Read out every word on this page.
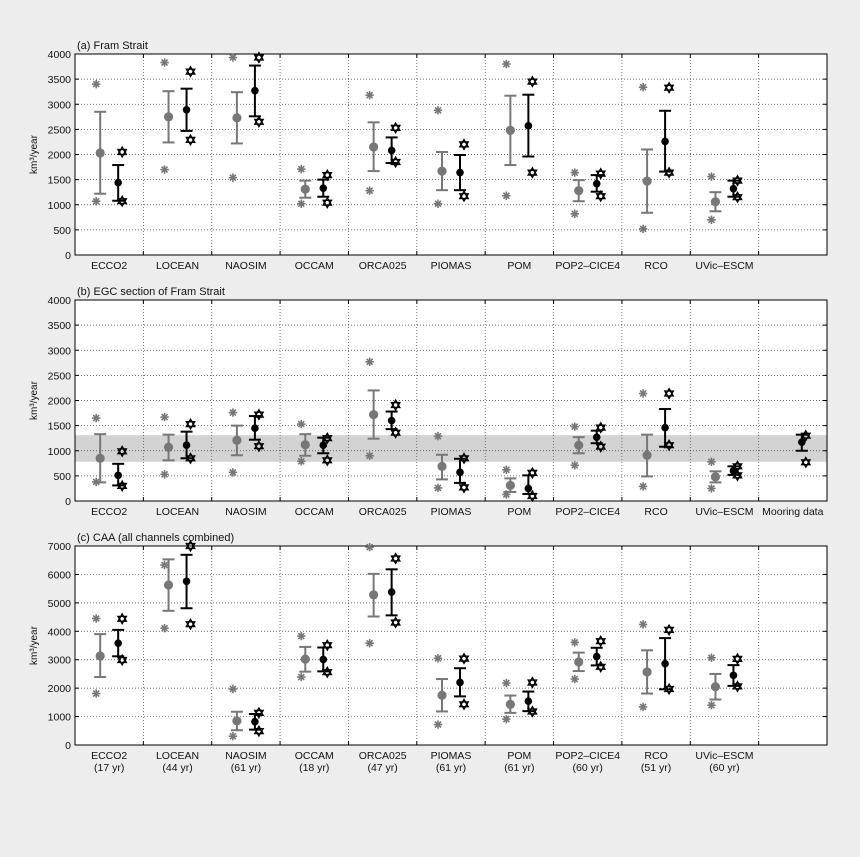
0
500
1000
1500
2000
2500
3000
3500
4000
ECCO2	LOCEAN NAOSIM	OCCAM ORCA025 PIOMAS	POM POP2–CICE4 RCO	UVic–ESCM
(a) Fram Strait
km³/year
0
500
1000
1500
2000
2500
3000
3500
4000
ECCO2	LOCEAN NAOSIM	OCCAM ORCA025 PIOMAS	POM POP2–CICE4 RCO	UVic–ESCM Mooring data
(b) EGC section of Fram Strait
km³/year
0
1000
2000
3000
4000
5000
6000
7000
ECCO2
(17 yr)
LOCEAN
(44 yr)
NAOSIM
(61 yr)
OCCAM
(18 yr)
ORCA025
(47 yr)
PIOMAS
(61 yr)
POM
(61 yr)
POP2–CICE4
(60 yr)
RCO
(51 yr)
UVic–ESCM
(60 yr)
(c) CAA (all channels combined)
km³/year
